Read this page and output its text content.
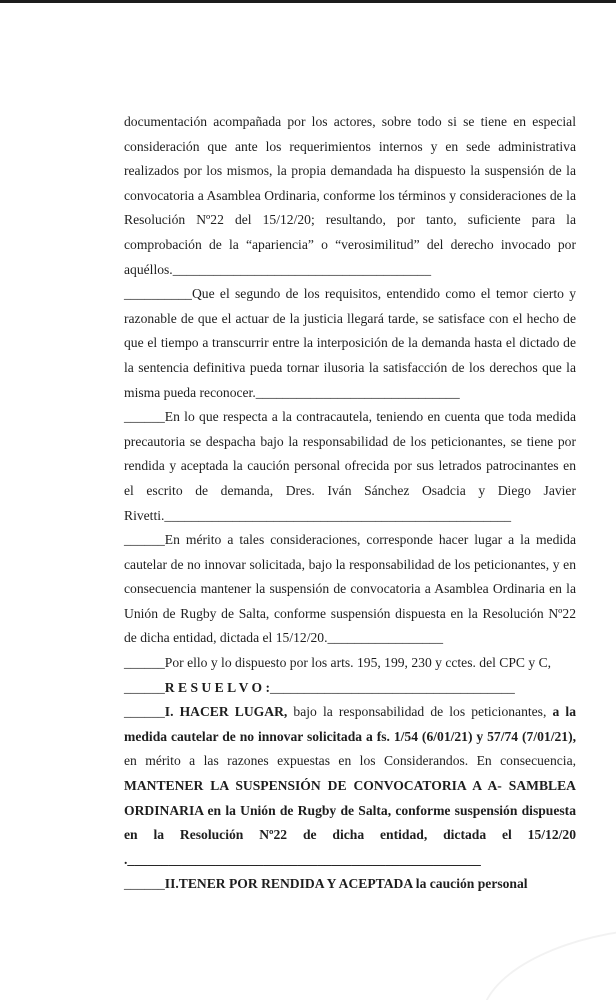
documentación acompañada por los actores, sobre todo si se tiene en especial consideración que ante los requerimientos internos y en sede administrativa realizados por los mismos, la propia demandada ha dispuesto la suspensión de la convocatoria a Asamblea Ordinaria, conforme los términos y consideraciones de la Resolución Nº22 del 15/12/20; resultando, por tanto, suficiente para la comprobación de la “apariencia” o “verosimilitud” del derecho invocado por aquéllos.______________________________________

__________Que el segundo de los requisitos, entendido como el temor cierto y razonable de que el actuar de la justicia llegará tarde, se satisface con el hecho de que el tiempo a transcurrir entre la interposición de la demanda hasta el dictado de la sentencia definitiva pueda tornar ilusoria la satisfacción de los derechos que la misma pueda reconocer.______________________________

______En lo que respecta a la contracautela, teniendo en cuenta que toda medida precautoria se despacha bajo la responsabilidad de los peticionantes, se tiene por rendida y aceptada la caución personal ofrecida por sus letrados patrocinantes en el escrito de demanda, Dres. Iván Sánchez Osadcia y Diego Javier Rivetti.___________________________________________________

______En mérito a tales consideraciones, corresponde hacer lugar a la medida cautelar de no innovar solicitada, bajo la responsabilidad de los peticionantes, y en consecuencia mantener la suspensión de convocatoria a Asamblea Ordinaria en la Unión de Rugby de Salta, conforme suspensión dispuesta en la Resolución Nº22 de dicha entidad, dictada el 15/12/20._________________

______Por ello y lo dispuesto por los arts. 195, 199, 230 y cctes. del CPC y C,

______R E S U E L V O :____________________________________

______I. HACER LUGAR, bajo la responsabilidad de los peticionantes, a la medida cautelar de no innovar solicitada a fs. 1/54 (6/01/21) y 57/74 (7/01/21), en mérito a las razones expuestas en los Considerandos. En consecuencia, MANTENER LA SUSPENSIÓN DE CONVOCATORIA A A- SAMBLEA ORDINARIA en la Unión de Rugby de Salta, conforme suspensión dispuesta en la Resolución Nº22 de dicha entidad, dictada el 15/12/20 .____________________________________________________

______II.TENER POR RENDIDA Y ACEPTADA la caución personal
